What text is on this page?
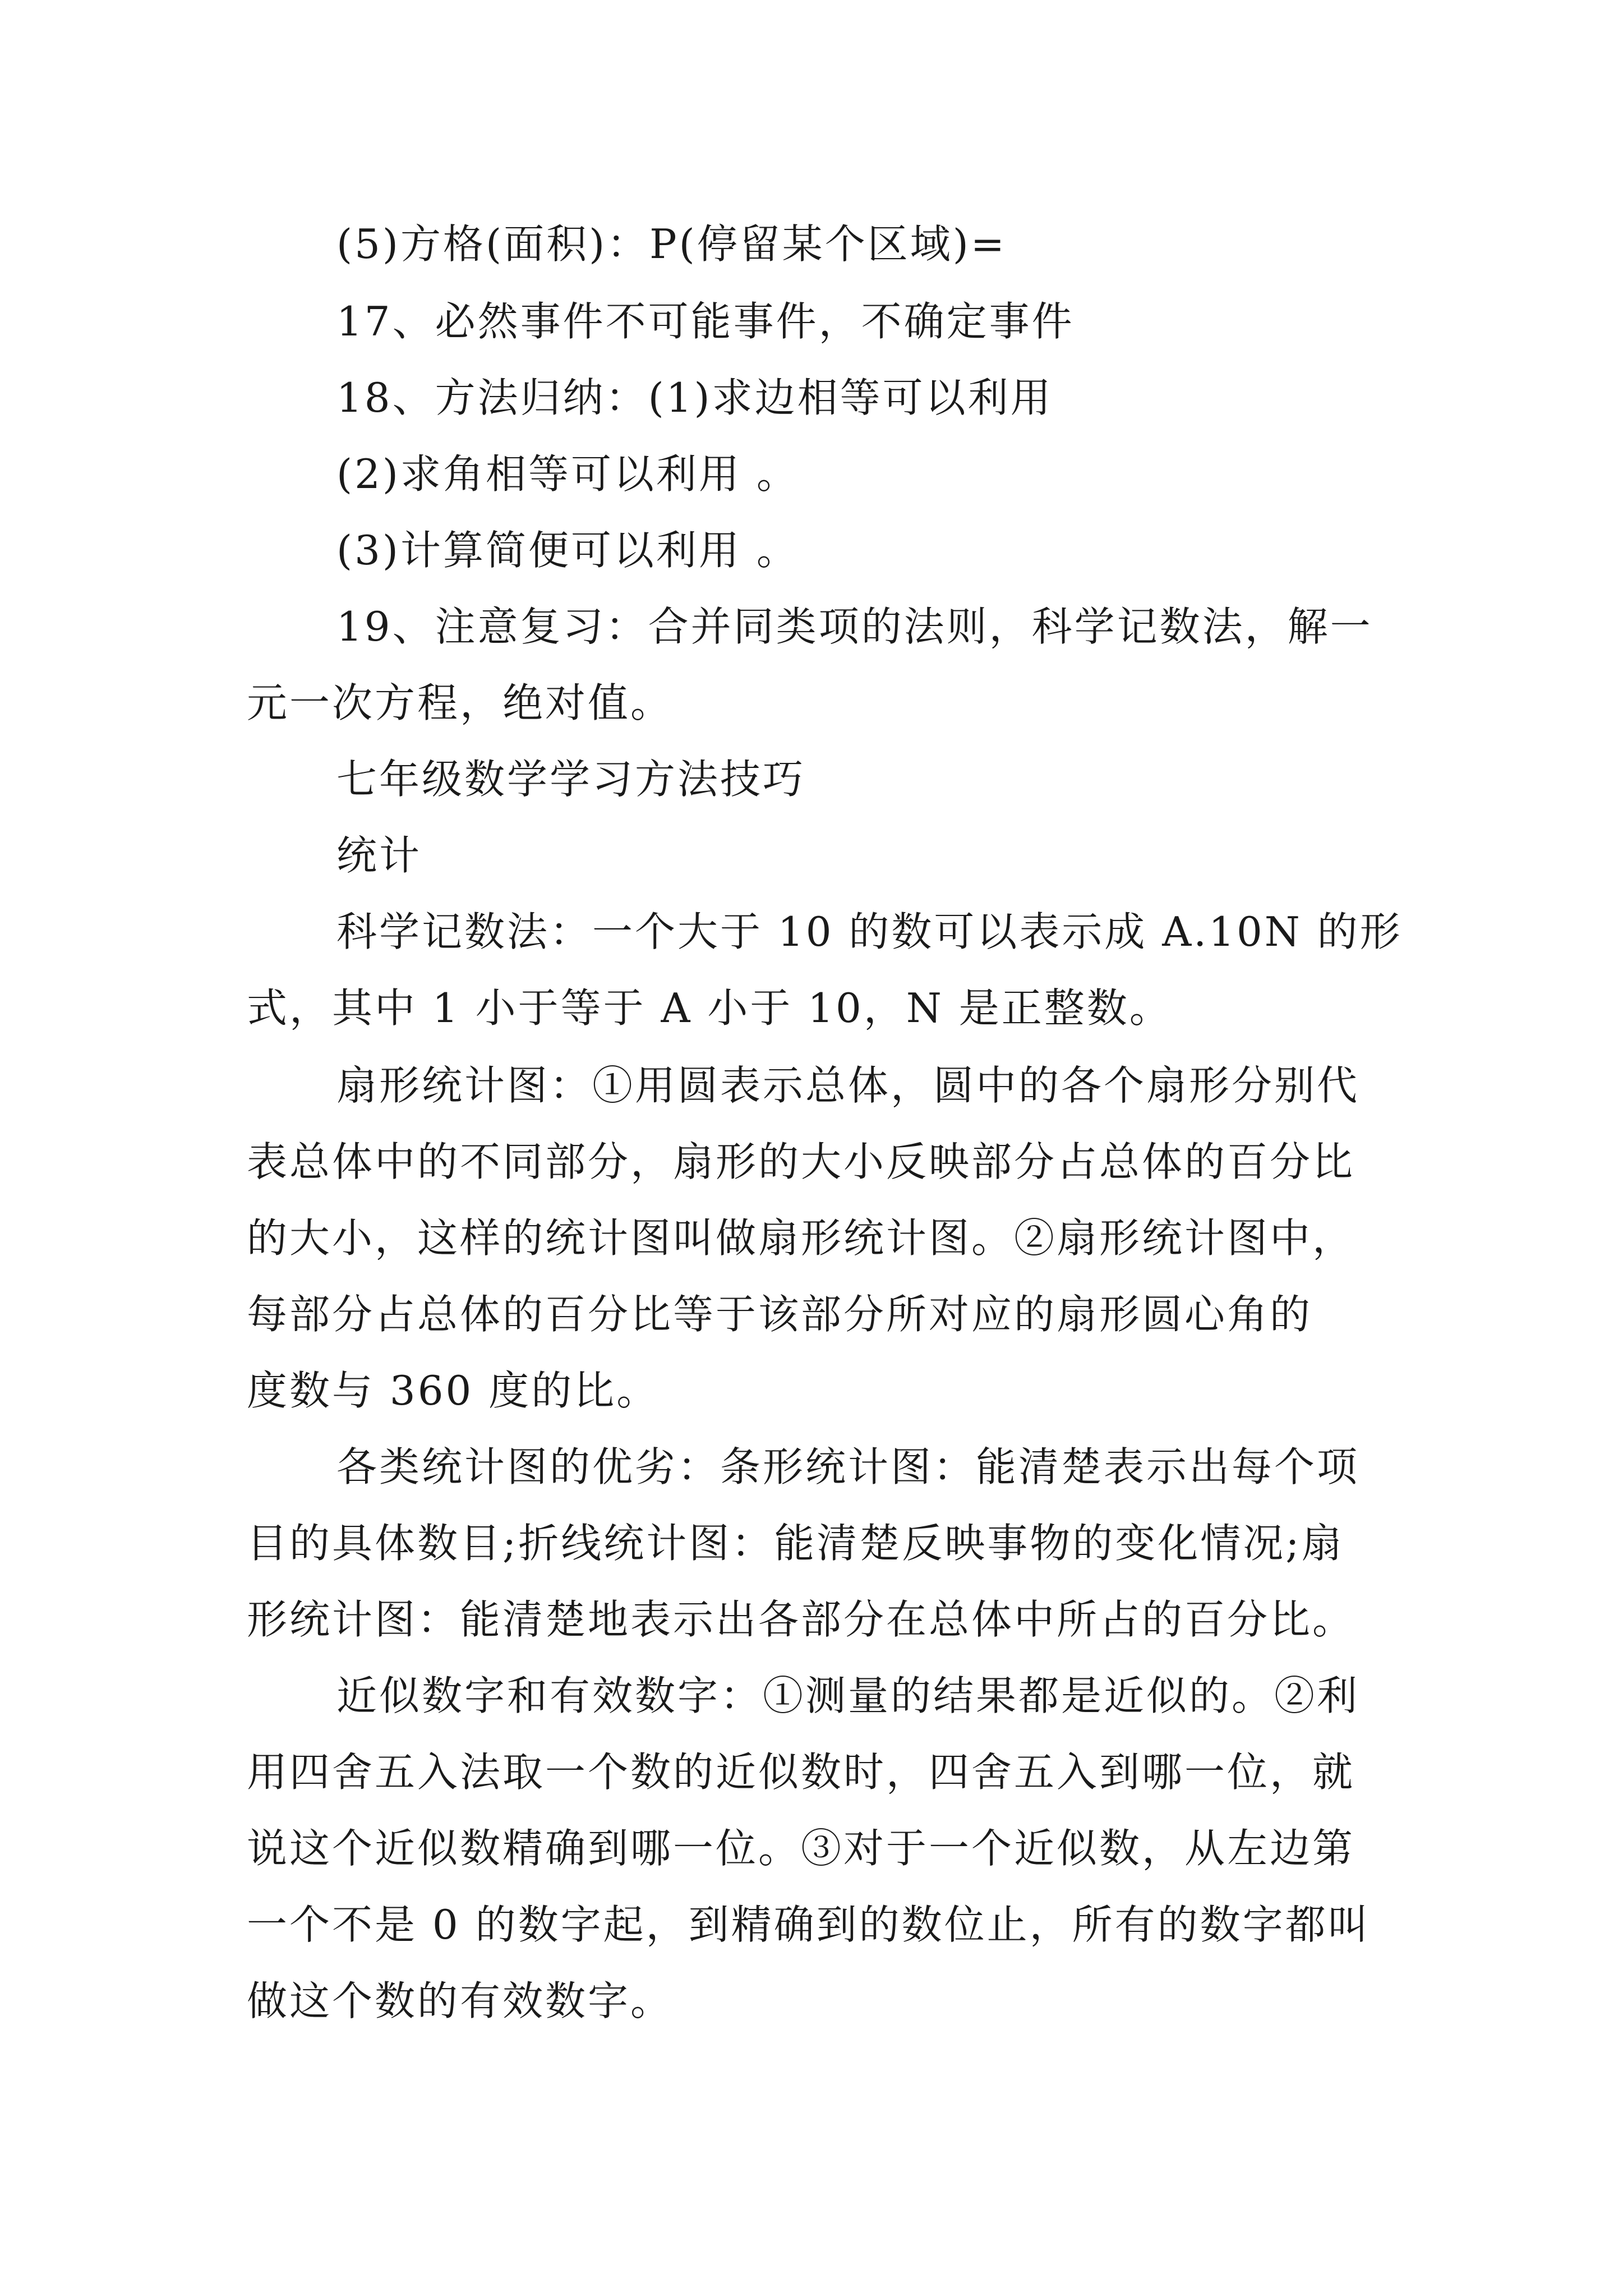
(5)方格(面积)：P(停留某个区域)=
17、必然事件不可能事件，不确定事件
18、方法归纳：(1)求边相等可以利用
(2)求角相等可以利用 。
(3)计算简便可以利用 。
19、注意复习：合并同类项的法则，科学记数法，解一
元一次方程，绝对值。
七年级数学学习方法技巧
统计
科学记数法：一个大于 10 的数可以表示成 A.10N 的形
式，其中 1 小于等于 A 小于 10，N 是正整数。
扇形统计图：①用圆表示总体，圆中的各个扇形分别代
表总体中的不同部分，扇形的大小反映部分占总体的百分比
的大小，这样的统计图叫做扇形统计图。②扇形统计图中，
每部分占总体的百分比等于该部分所对应的扇形圆心角的
度数与 360 度的比。
各类统计图的优劣：条形统计图：能清楚表示出每个项
目的具体数目;折线统计图：能清楚反映事物的变化情况;扇
形统计图：能清楚地表示出各部分在总体中所占的百分比。
近似数字和有效数字：①测量的结果都是近似的。②利
用四舍五入法取一个数的近似数时，四舍五入到哪一位，就
说这个近似数精确到哪一位。③对于一个近似数，从左边第
一个不是 0 的数字起，到精确到的数位止，所有的数字都叫
做这个数的有效数字。
